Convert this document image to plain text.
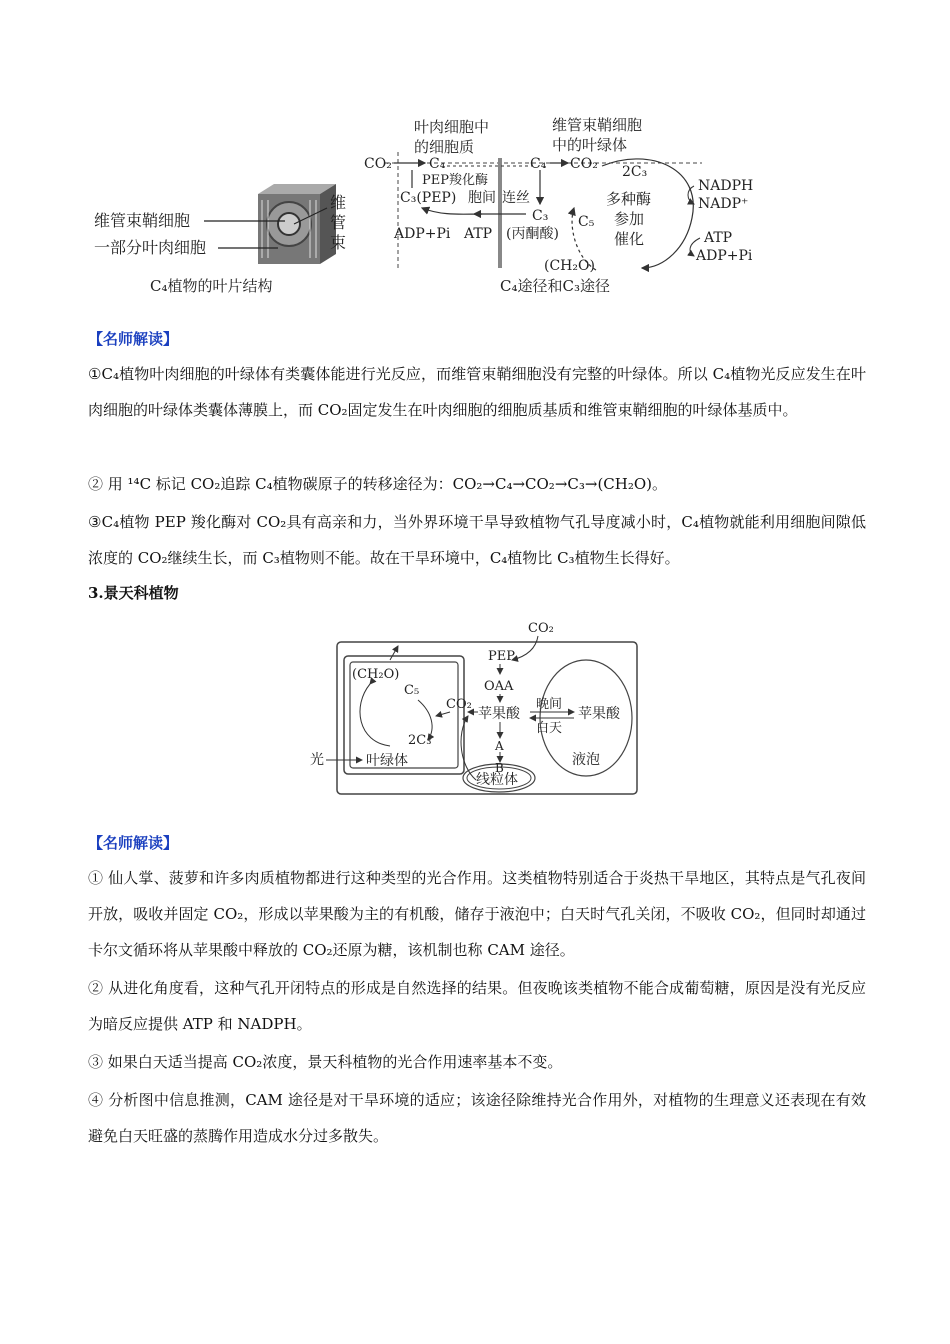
维管束鞘细胞
一部分叶肉细胞
维
管
束
C₄植物的叶片结构
叶肉细胞中
的细胞质
维管束鞘细胞
中的叶绿体
CO₂	C₄
PEP羧化酶
C₃(PEP) 胞间 连丝
C₄ CO₂
C₃
(丙酮酸)
ADP+Pi ATP
2C₃
C₅
多种酶
参加
催化
NADPH
NADP⁺
ATP
ADP+Pi
(CH₂O)
C₄途径和C₃途径
【名师解读】
①C₄植物叶肉细胞的叶绿体有类囊体能进行光反应，而维管束鞘细胞没有完整的叶绿体。所以 C₄植物光反应发生在叶肉细胞的叶绿体类囊体薄膜上，而 CO₂固定发生在叶肉细胞的细胞质基质和维管束鞘细胞的叶绿体基质中。
② 用 ¹⁴C 标记 CO₂追踪 C₄植物碳原子的转移途径为：CO₂→C₄→CO₂→C₃→(CH₂O)。
③C₄植物 PEP 羧化酶对 CO₂具有高亲和力，当外界环境干旱导致植物气孔导度减小时，C₄植物就能利用细胞间隙低浓度的 CO₂继续生长，而 C₃植物则不能。故在干旱环境中，C₄植物比 C₃植物生长得好。
3.景天科植物
CO₂
PEP
OAA
苹果酸
晚间
白天
苹果酸
液泡
(CH₂O)
C₅
CO₂
2C₃
光	叶绿体
A
B
线粒体
【名师解读】
① 仙人掌、菠萝和许多肉质植物都进行这种类型的光合作用。这类植物特别适合于炎热干旱地区，其特点是气孔夜间开放，吸收并固定 CO₂，形成以苹果酸为主的有机酸，储存于液泡中；白天时气孔关闭，不吸收 CO₂，但同时却通过卡尔文循环将从苹果酸中释放的 CO₂还原为糖，该机制也称 CAM 途径。
② 从进化角度看，这种气孔开闭特点的形成是自然选择的结果。但夜晚该类植物不能合成葡萄糖，原因是没有光反应为暗反应提供 ATP 和 NADPH。
③ 如果白天适当提高 CO₂浓度，景天科植物的光合作用速率基本不变。
④ 分析图中信息推测，CAM 途径是对干旱环境的适应；该途径除维持光合作用外，对植物的生理意义还表现在有效避免白天旺盛的蒸腾作用造成水分过多散失。
